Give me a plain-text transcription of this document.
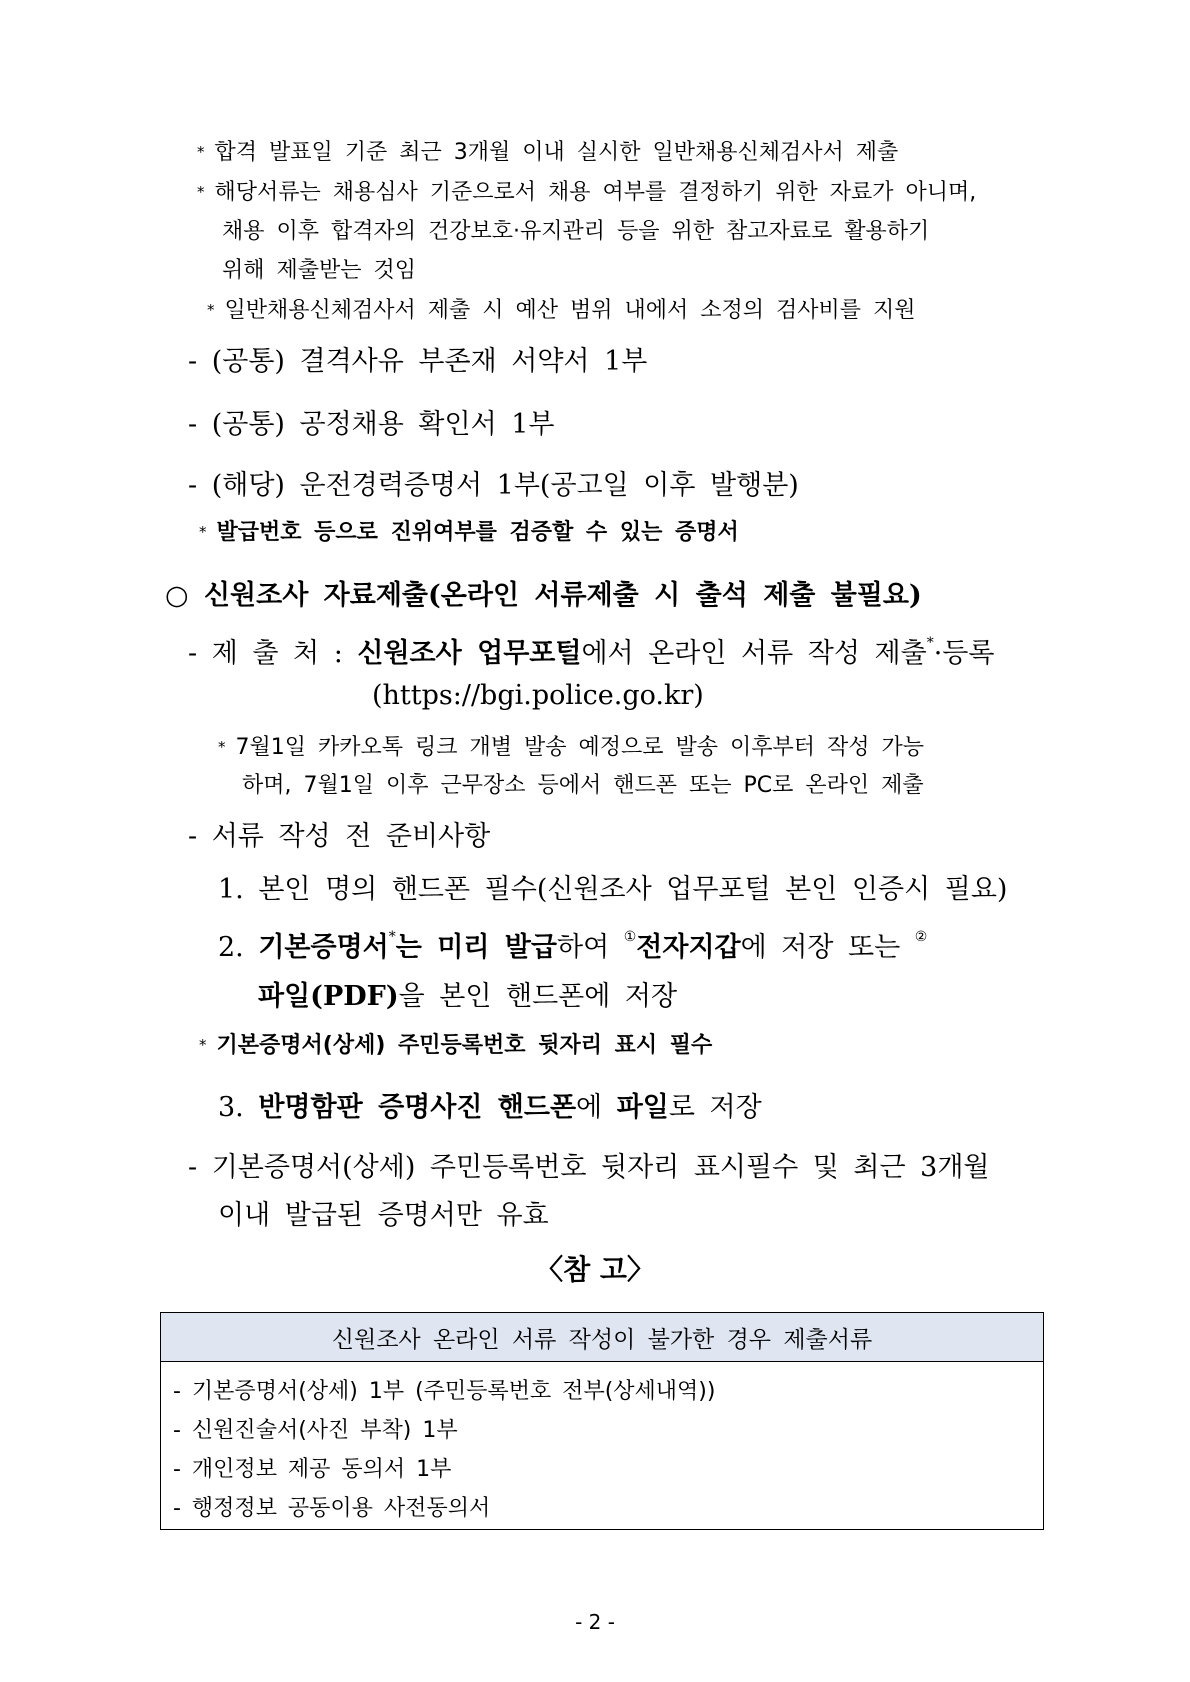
* 합격 발표일 기준 최근 3개월 이내 실시한 일반채용신체검사서 제출
* 해당서류는 채용심사 기준으로서 채용 여부를 결정하기 위한 자료가 아니며,
채용 이후 합격자의 건강보호·유지관리 등을 위한 참고자료로 활용하기
위해 제출받는 것임
* 일반채용신체검사서 제출 시 예산 범위 내에서 소정의 검사비를 지원
- (공통) 결격사유 부존재 서약서 1부
- (공통) 공정채용 확인서 1부
- (해당) 운전경력증명서 1부(공고일 이후 발행분)
* 발급번호 등으로 진위여부를 검증할 수 있는 증명서
○ 신원조사 자료제출(온라인 서류제출 시 출석 제출 불필요)
- 제 출 처 : 신원조사 업무포털에서 온라인 서류 작성 제출*·등록
(https://bgi.police.go.kr)
* 7월1일 카카오톡 링크 개별 발송 예정으로 발송 이후부터 작성 가능
하며, 7월1일 이후 근무장소 등에서 핸드폰 또는 PC로 온라인 제출
- 서류 작성 전 준비사항
1. 본인 명의 핸드폰 필수(신원조사 업무포털 본인 인증시 필요)
2. 기본증명서*는 미리 발급하여 ①전자지갑에 저장 또는 ②
파일(PDF)을 본인 핸드폰에 저장
* 기본증명서(상세) 주민등록번호 뒷자리 표시 필수
3. 반명함판 증명사진 핸드폰에 파일로 저장
- 기본증명서(상세) 주민등록번호 뒷자리 표시필수 및 최근 3개월
이내 발급된 증명서만 유효
〈참 고〉
신원조사 온라인 서류 작성이 불가한 경우 제출서류
- 기본증명서(상세) 1부 (주민등록번호 전부(상세내역))
- 신원진술서(사진 부착) 1부
- 개인정보 제공 동의서 1부
- 행정정보 공동이용 사전동의서
- 2 -
